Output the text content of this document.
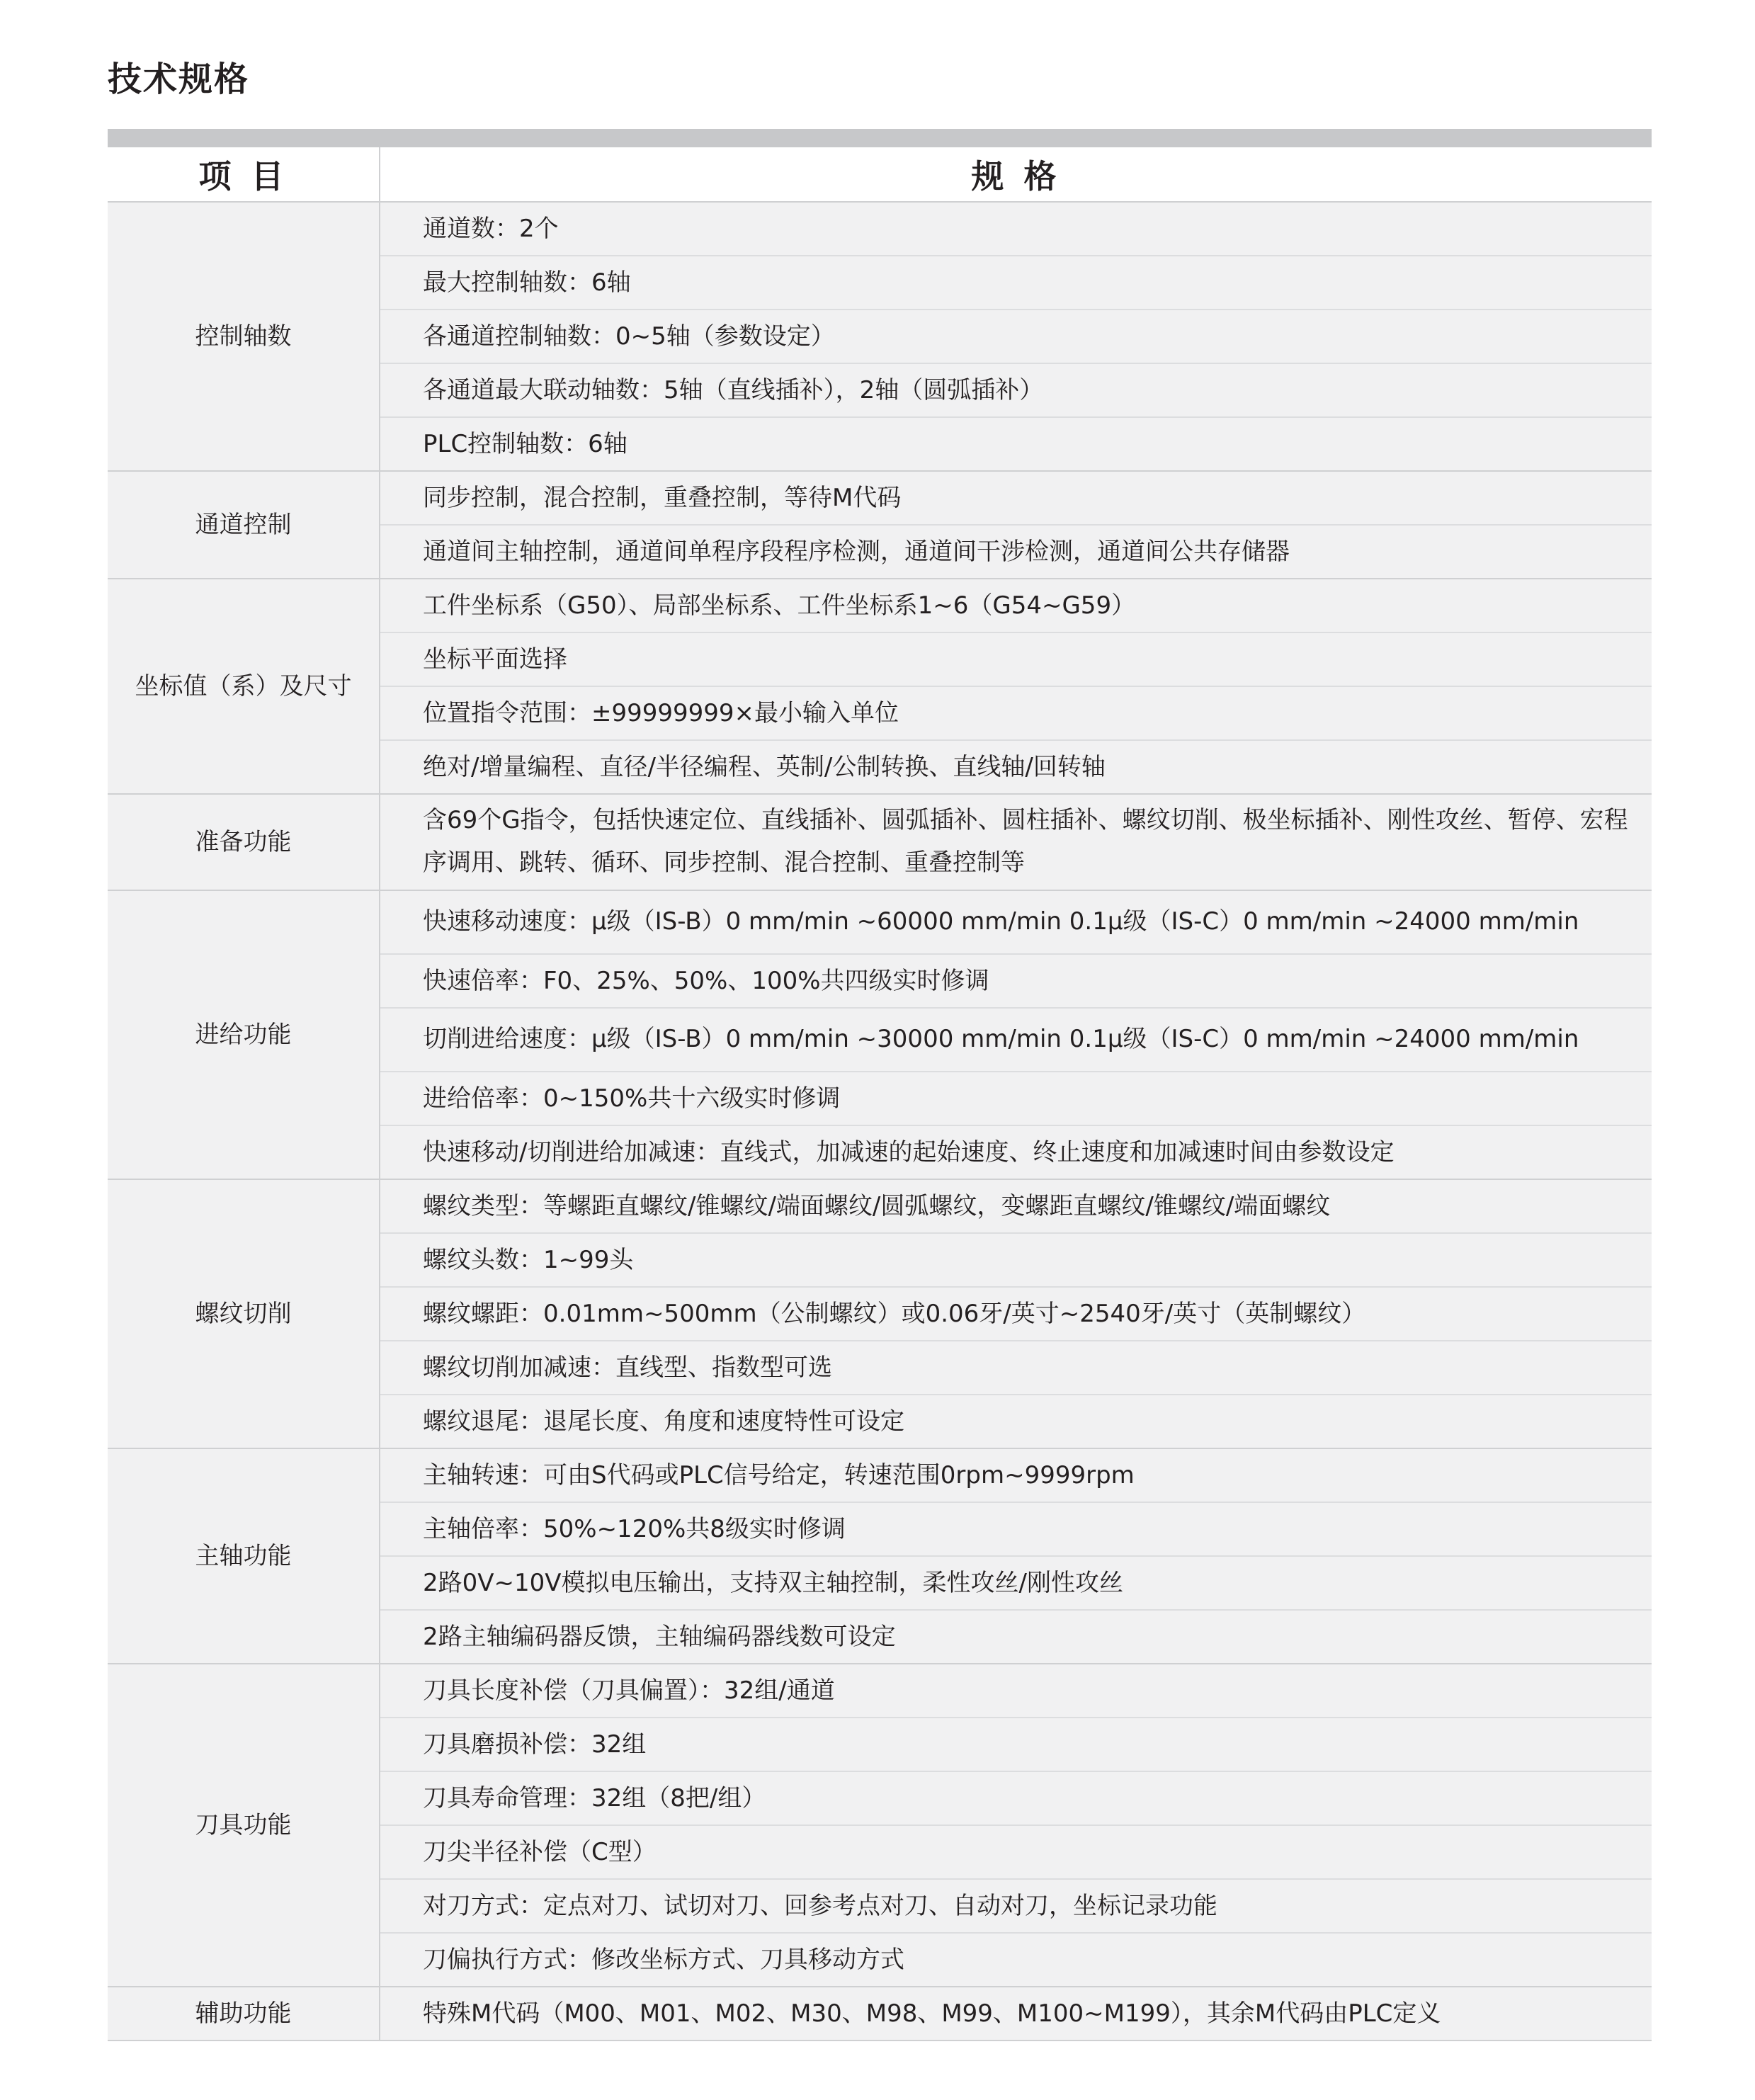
技术规格
项 目	规 格
控制轴数	通道数：2个
	最大控制轴数：6轴
	各通道控制轴数：0~5轴（参数设定）
	各通道最大联动轴数：5轴（直线插补），2轴（圆弧插补）
	PLC控制轴数：6轴
通道控制	同步控制，混合控制，重叠控制，等待M代码
	通道间主轴控制，通道间单程序段程序检测，通道间干涉检测，通道间公共存储器
坐标值（系）及尺寸	工件坐标系（G50）、局部坐标系、工件坐标系1~6（G54~G59）
	坐标平面选择
	位置指令范围：±99999999×最小输入单位
	绝对/增量编程、直径/半径编程、英制/公制转换、直线轴/回转轴
准备功能	含69个G指令，包括快速定位、直线插补、圆弧插补、圆柱插补、螺纹切削、极坐标插补、刚性攻丝、暂停、宏程序调用、跳转、循环、同步控制、混合控制、重叠控制等
进给功能	快速移动速度：μ级（IS-B）0 mm/min ~60000 mm/min 0.1μ级（IS-C）0 mm/min ~24000 mm/min
	快速倍率：F0、25%、50%、100%共四级实时修调
	切削进给速度：μ级（IS-B）0 mm/min ~30000 mm/min 0.1μ级（IS-C）0 mm/min ~24000 mm/min
	进给倍率：0~150%共十六级实时修调
	快速移动/切削进给加减速：直线式，加减速的起始速度、终止速度和加减速时间由参数设定
螺纹切削	螺纹类型：等螺距直螺纹/锥螺纹/端面螺纹/圆弧螺纹，变螺距直螺纹/锥螺纹/端面螺纹
	螺纹头数：1~99头
	螺纹螺距：0.01mm~500mm（公制螺纹）或0.06牙/英寸~2540牙/英寸（英制螺纹）
	螺纹切削加减速：直线型、指数型可选
	螺纹退尾：退尾长度、角度和速度特性可设定
主轴功能	主轴转速：可由S代码或PLC信号给定，转速范围0rpm~9999rpm
	主轴倍率：50%~120%共8级实时修调
	2路0V~10V模拟电压输出，支持双主轴控制，柔性攻丝/刚性攻丝
	2路主轴编码器反馈，主轴编码器线数可设定
刀具功能	刀具长度补偿（刀具偏置）：32组/通道
	刀具磨损补偿：32组
	刀具寿命管理：32组（8把/组）
	刀尖半径补偿（C型）
	对刀方式：定点对刀、试切对刀、回参考点对刀、自动对刀，坐标记录功能
	刀偏执行方式：修改坐标方式、刀具移动方式
辅助功能	特殊M代码（M00、M01、M02、M30、M98、M99、M100~M199），其余M代码由PLC定义
